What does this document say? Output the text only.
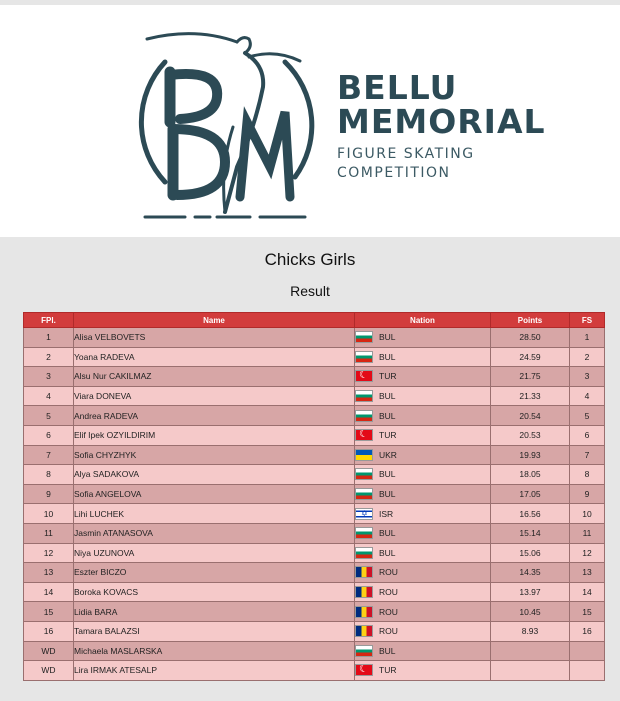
BELLU
MEMORIAL
FIGURE SKATING
COMPETITION
Chicks Girls
Result
FPl.	Name	Nation	Points	FS
1	Alisa VELBOVETS	BUL	28.50	1
2	Yoana RADEVA	BUL	24.59	2
3	Alsu Nur CAKILMAZ	☾TUR	21.75	3
4	Viara DONEVA	BUL	21.33	4
5	Andrea RADEVA	BUL	20.54	5
6	Elif Ipek OZYILDIRIM	☾TUR	20.53	6
7	Sofia CHYZHYK	UKR	19.93	7
8	Alya SADAKOVA	BUL	18.05	8
9	Sofia ANGELOVA	BUL	17.05	9
10	Lihi LUCHEK	✡ISR	16.56	10
11	Jasmin ATANASOVA	BUL	15.14	11
12	Niya UZUNOVA	BUL	15.06	12
13	Eszter BICZO	ROU	14.35	13
14	Boroka KOVACS	ROU	13.97	14
15	Lidia BARA	ROU	10.45	15
16	Tamara BALAZSI	ROU	8.93	16
WD	Michaela MASLARSKA	BUL		
WD	Lira IRMAK ATESALP	☾TUR		
